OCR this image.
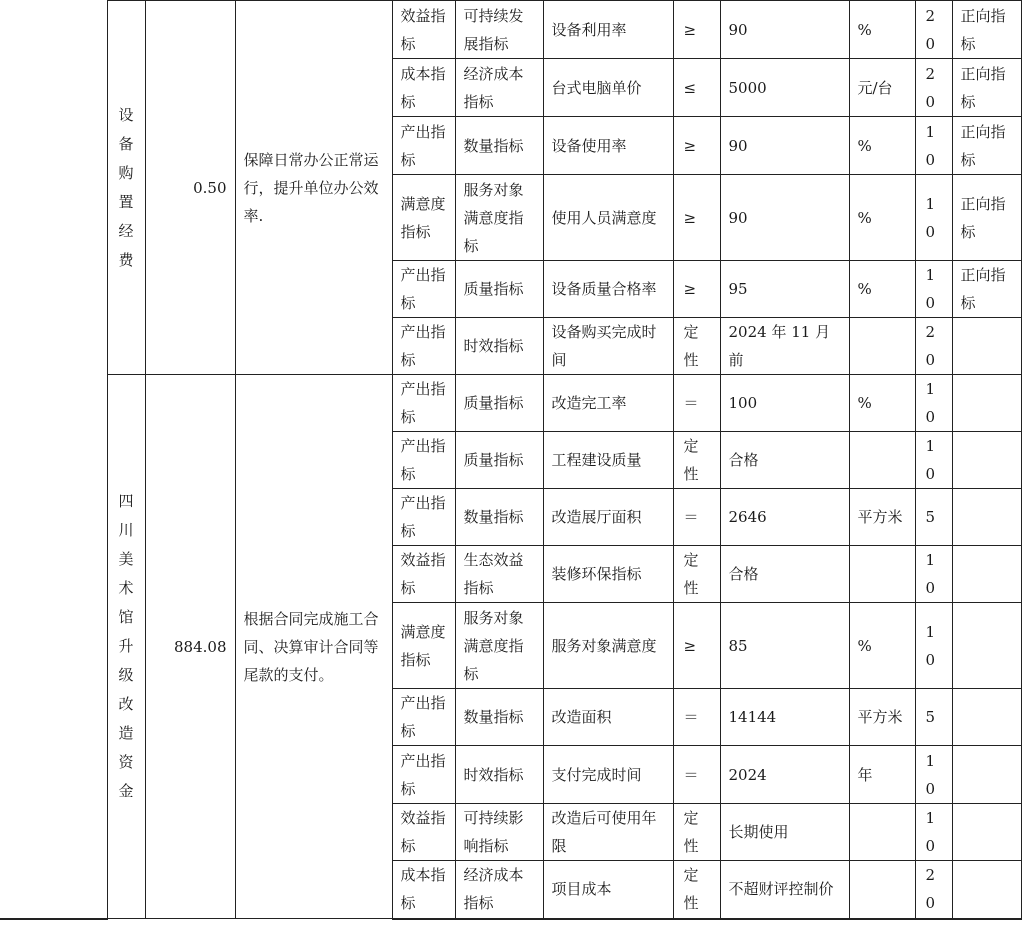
	设备购置经费	0.50	保障日常办公正常运行，提升单位办公效率.	效益指标	可持续发展指标	设备利用率	≥	90	%	20	正向指标
				成本指标	经济成本指标	台式电脑单价	≤	5000	元/台	20	正向指标
				产出指标	数量指标	设备使用率	≥	90	%	10	正向指标
				满意度指标	服务对象满意度指标	使用人员满意度	≥	90	%	10	正向指标
				产出指标	质量指标	设备质量合格率	≥	95	%	10	正向指标
				产出指标	时效指标	设备购买完成时间	定性	2024 年 11 月前		20	
	四川美术馆升级改造资金	884.08	根据合同完成施工合同、决算审计合同等尾款的支付。	产出指标	质量指标	改造完工率	＝	100	%	10	
				产出指标	质量指标	工程建设质量	定性	合格		10	
				产出指标	数量指标	改造展厅面积	＝	2646	平方米	5	
				效益指标	生态效益指标	装修环保指标	定性	合格		10	
				满意度指标	服务对象满意度指标	服务对象满意度	≥	85	%	10	
				产出指标	数量指标	改造面积	＝	14144	平方米	5	
				产出指标	时效指标	支付完成时间	＝	2024	年	10	
				效益指标	可持续影响指标	改造后可使用年限	定性	长期使用		10	
				成本指标	经济成本指标	项目成本	定性	不超财评控制价		20	
